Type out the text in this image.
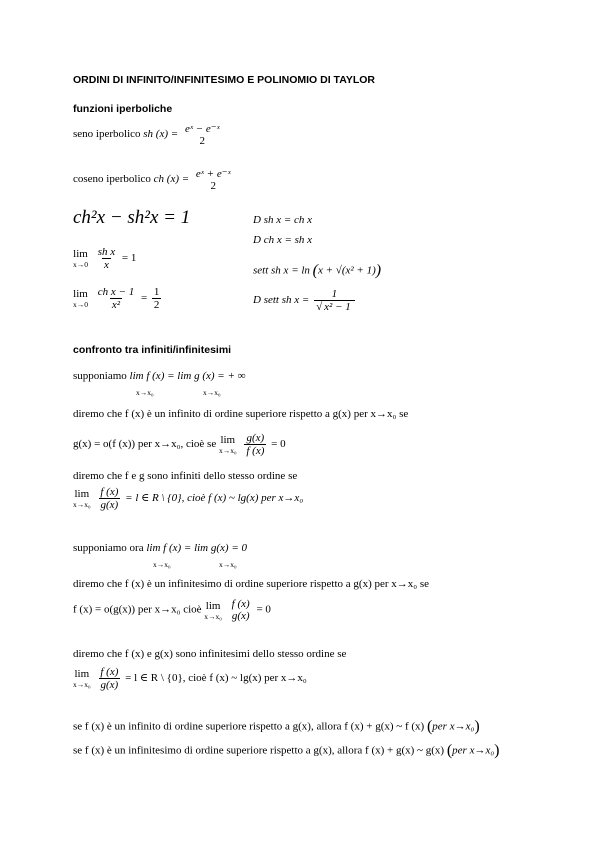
ORDINI DI INFINITO/INFINITESIMO E POLINOMIO DI TAYLOR
funzioni iperboliche
seno iperbolico sh (x) = eˣ − e⁻ˣ
2
coseno iperbolico ch (x) = eˣ + e⁻ˣ
2
ch²x − sh²x = 1	D sh x = ch x
D ch x = sh x
lim
x→0
$\frac{\text{sh x}}{x} = 1$
sett sh x = ln (x + √(x² + 1))
lim
x→0
$\frac{\text{ch x − 1}}{\text{x²}} = \frac{1}{2}$	D sett sh $x = \frac{1}{\text{√ x² − 1}}$
confronto tra infiniti/infinitesimi
supponiamo lim f (x) = lim g (x) = + ∞
x→x₀	x→x₀
diremo che f (x) è un infinito di ordine superiore rispetto a g(x) per x→x₀ se
g(x) = o(f (x)) per x→x₀, cioè se lim
x→x₀
$\frac{g(x)}{f (x)} = 0$
diremo che f e g sono infiniti dello stesso ordine se
lim
x→x₀
$\frac{f (x)}{g(x)} = l$ ∈ R \ {0}, cioè f (x) ~ lg(x) per x→x₀
supponiamo ora lim f (x) = lim g(x) = 0
x→x₀	x→x₀
diremo che f (x) è un infinitesimo di ordine superiore rispetto a g(x) per x→x₀ se
f (x) = o(g(x)) per x→x₀ cioè lim
x→x₀

f (x)
g(x)
= 0
diremo che f (x) e g(x) sono infinitesimi dello stesso ordine se
lim
x→x₀
$\frac{f (x)}{g(x)} = l$ ∈ R \ {0}, cioè f (x) ~ lg(x) per x→x₀
se f (x) è un infinito di ordine superiore rispetto a g(x), allora f (x) + g(x) ~ f (x) (per x→x₀)
se f (x) è un infinitesimo di ordine superiore rispetto a g(x), allora f (x) + g(x) ~ g(x) (per x→x₀)
